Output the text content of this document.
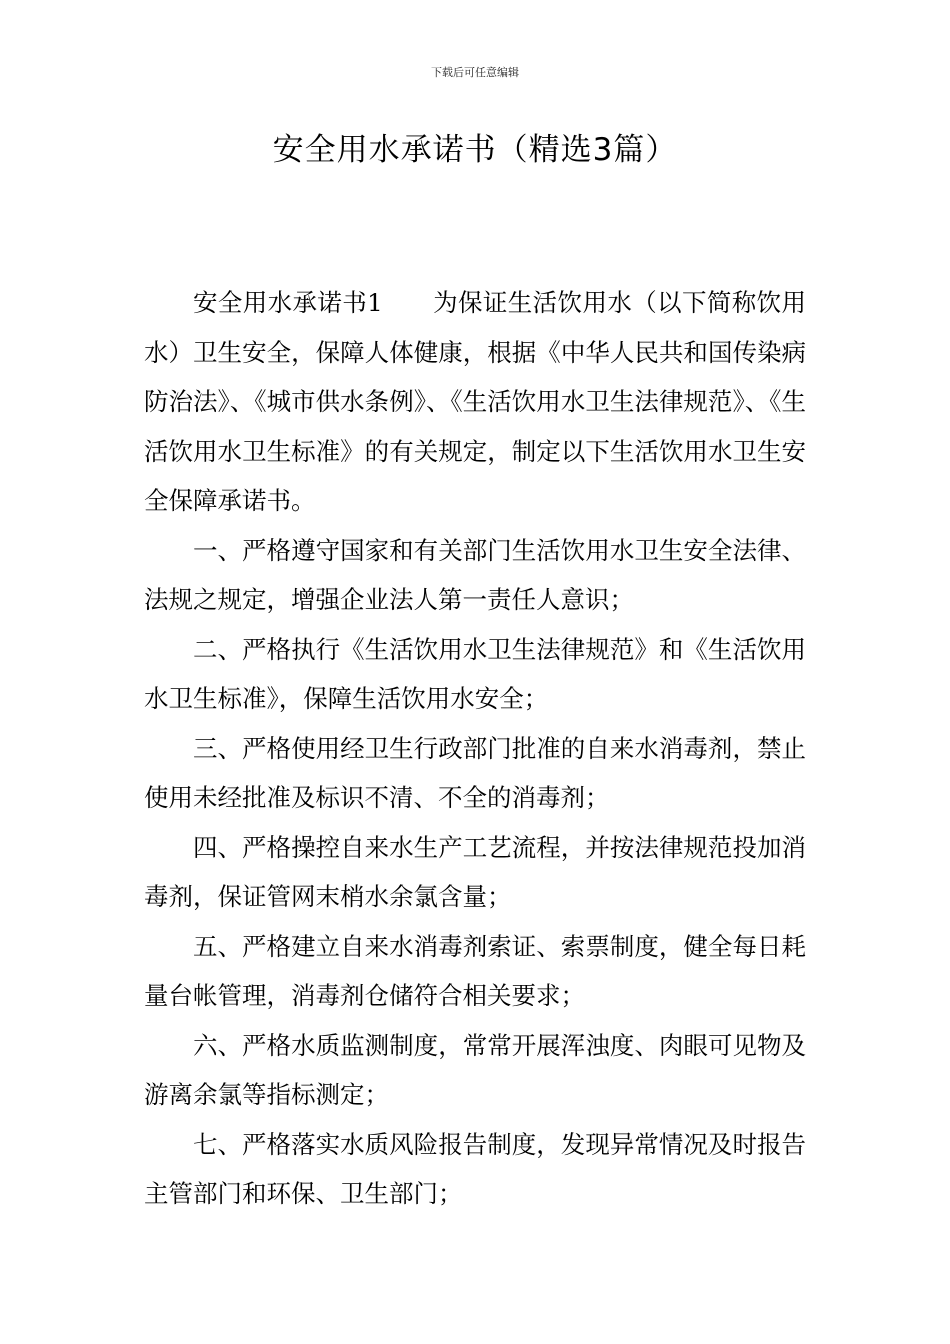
下载后可任意编辑
安全用水承诺书（精选3篇）

安全用水承诺书1 为保证生活饮用水（以下简称饮用水）卫生安全，保障人体健康，根据《中华人民共和国传染病防治法》、《城市供水条例》、《生活饮用水卫生法律规范》、《生活饮用水卫生标准》的有关规定，制定以下生活饮用水卫生安全保障承诺书。

一、严格遵守国家和有关部门生活饮用水卫生安全法律、法规之规定，增强企业法人第一责任人意识；

二、严格执行《生活饮用水卫生法律规范》和《生活饮用水卫生标准》，保障生活饮用水安全；

三、严格使用经卫生行政部门批准的自来水消毒剂，禁止使用未经批准及标识不清、不全的消毒剂；

四、严格操控自来水生产工艺流程，并按法律规范投加消毒剂，保证管网末梢水余氯含量；

五、严格建立自来水消毒剂索证、索票制度，健全每日耗量台帐管理，消毒剂仓储符合相关要求；

六、严格水质监测制度，常常开展浑浊度、肉眼可见物及游离余氯等指标测定；

七、严格落实水质风险报告制度，发现异常情况及时报告主管部门和环保、卫生部门；
